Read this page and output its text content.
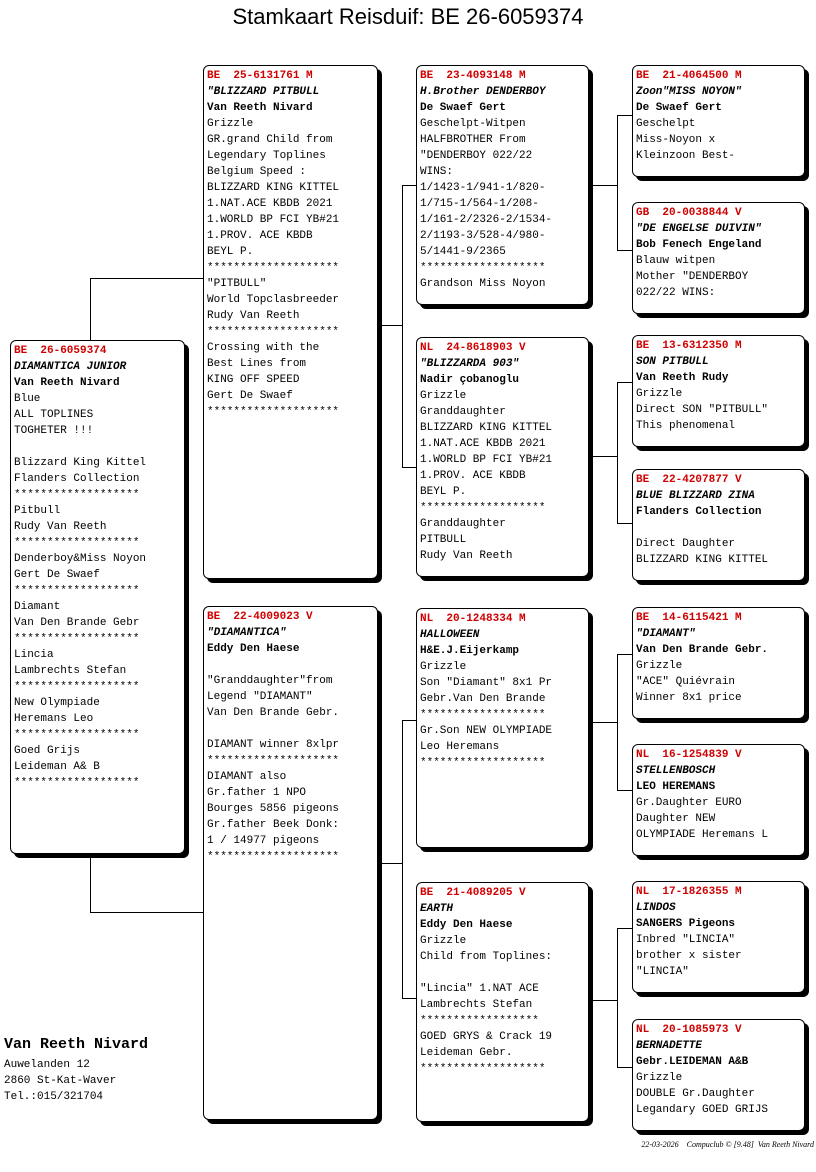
Stamkaart Reisduif: BE 26-6059374
BE  26-6059374
DIAMANTICA JUNIOR
Van Reeth Nivard
Blue
ALL TOPLINES
TOGHETER !!!
Blizzard King Kittel
Flanders Collection
*******************
Pitbull
Rudy Van Reeth
*******************
Denderboy&Miss Noyon
Gert De Swaef
*******************
Diamant
Van Den Brande Gebr
*******************
Lincia
Lambrechts Stefan
*******************
New Olympiade
Heremans Leo
*******************
Goed Grijs
Leideman A& B
*******************
BE  25-6131761 M
"BLIZZARD PITBULL
Van Reeth Nivard
Grizzle
GR.grand Child from
Legendary Toplines
Belgium Speed :
BLIZZARD KING KITTEL
1.NAT.ACE KBDB 2021
1.WORLD BP FCI YB#21
1.PROV. ACE KBDB
BEYL P.
********************
"PITBULL"
World Topclasbreeder
Rudy Van Reeth
********************
Crossing with the
Best Lines from
KING OFF SPEED
Gert De Swaef
********************
BE  22-4009023 V
"DIAMANTICA"
Eddy Den Haese
"Granddaughter"from
Legend "DIAMANT"
Van Den Brande Gebr.
DIAMANT winner 8xlpr
********************
DIAMANT also
Gr.father 1 NPO
Bourges 5856 pigeons
Gr.father Beek Donk:
1 / 14977 pigeons
********************
BE  23-4093148 M
H.Brother DENDERBOY
De Swaef Gert
Geschelpt-Witpen
HALFBROTHER From
"DENDERBOY 022/22
WINS:
1/1423-1/941-1/820-
1/715-1/564-1/208-
1/161-2/2326-2/1534-
2/1193-3/528-4/980-
5/1441-9/2365
*******************
Grandson Miss Noyon
NL  24-8618903 V
"BLIZZARDA 903"
Nadir çobanoglu
Grizzle
Granddaughter
BLIZZARD KING KITTEL
1.NAT.ACE KBDB 2021
1.WORLD BP FCI YB#21
1.PROV. ACE KBDB
BEYL P.
*******************
Granddaughter
PITBULL
Rudy Van Reeth
NL  20-1248334 M
HALLOWEEN
H&E.J.Eijerkamp
Grizzle
Son "Diamant" 8x1 Pr
Gebr.Van Den Brande
*******************
Gr.Son NEW OLYMPIADE
Leo Heremans
*******************
BE  21-4089205 V
EARTH
Eddy Den Haese
Grizzle
Child from Toplines:
"Lincia" 1.NAT ACE
Lambrechts Stefan
******************
GOED GRYS & Crack 19
Leideman Gebr.
*******************
BE  21-4064500 M
Zoon"MISS NOYON"
De Swaef Gert
Geschelpt
Miss-Noyon x
Kleinzoon Best-
GB  20-0038844 V
"DE ENGELSE DUIVIN"
Bob Fenech Engeland
Blauw witpen
Mother "DENDERBOY
022/22 WINS:
BE  13-6312350 M
SON PITBULL
Van Reeth Rudy
Grizzle
Direct SON "PITBULL"
This phenomenal
BE  22-4207877 V
BLUE BLIZZARD ZINA
Flanders Collection
Direct Daughter
BLIZZARD KING KITTEL
BE  14-6115421 M
"DIAMANT"
Van Den Brande Gebr.
Grizzle
"ACE" Quiévrain
Winner 8x1 price
NL  16-1254839 V
STELLENBOSCH
LEO HEREMANS
Gr.Daughter EURO
Daughter NEW
OLYMPIADE Heremans L
NL  17-1826355 M
LINDOS
SANGERS Pigeons
Inbred "LINCIA"
brother x sister
"LINCIA"
NL  20-1085973 V
BERNADETTE
Gebr.LEIDEMAN A&B
Grizzle
DOUBLE Gr.Daughter
Legandary GOED GRIJS
Van Reeth Nivard
Auwelanden 12
2860 St-Kat-Waver
Tel.:015/321704
22-03-2026    Compuclub © [9.48]  Van Reeth Nivard
